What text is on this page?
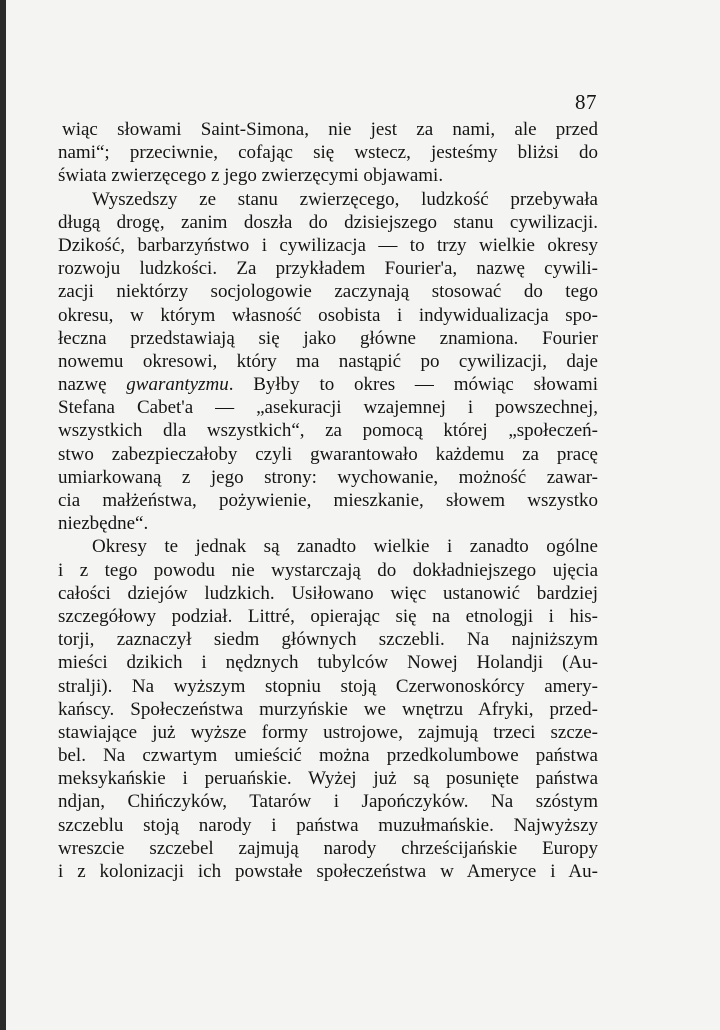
87
wiąc słowami Saint-Simona, nie jest za nami, ale przed
nami“; przeciwnie, cofając się wstecz, jesteśmy bliżsi do
świata zwierzęcego z jego zwierzęcymi objawami.
Wyszedszy ze stanu zwierzęcego, ludzkość przebywała
długą drogę, zanim doszła do dzisiejszego stanu cywilizacji.
Dzikość, barbarzyństwo i cywilizacja — to trzy wielkie okresy
rozwoju ludzkości. Za przykładem Fourier'a, nazwę cywili-
zacji niektórzy socjologowie zaczynają stosować do tego
okresu, w którym własność osobista i indywidualizacja spo-
łeczna przedstawiają się jako główne znamiona. Fourier
nowemu okresowi, który ma nastąpić po cywilizacji, daje
nazwę gwarantyzmu. Byłby to okres — mówiąc słowami
Stefana Cabet'a — „asekuracji wzajemnej i powszechnej,
wszystkich dla wszystkich“, za pomocą której „społeczeń-
stwo zabezpieczałoby czyli gwarantowało każdemu za pracę
umiarkowaną z jego strony: wychowanie, możność zawar-
cia małżeństwa, pożywienie, mieszkanie, słowem wszystko
niezbędne“.
Okresy te jednak są zanadto wielkie i zanadto ogólne
i z tego powodu nie wystarczają do dokładniejszego ujęcia
całości dziejów ludzkich. Usiłowano więc ustanowić bardziej
szczegółowy podział. Littré, opierając się na etnologji i his-
torji, zaznaczył siedm głównych szczebli. Na najniższym
mieści dzikich i nędznych tubylców Nowej Holandji (Au-
stralji). Na wyższym stopniu stoją Czerwonoskórcy amery-
kańscy. Społeczeństwa murzyńskie we wnętrzu Afryki, przed-
stawiające już wyższe formy ustrojowe, zajmują trzeci szcze-
bel. Na czwartym umieścić można przedkolumbowe państwa
meksykańskie i peruańskie. Wyżej już są posunięte państwa
ndjan, Chińczyków, Tatarów i Japończyków. Na szóstym
szczeblu stoją narody i państwa muzułmańskie. Najwyższy
wreszcie szczebel zajmują narody chrześcijańskie Europy
i z kolonizacji ich powstałe społeczeństwa w Ameryce i Au-
